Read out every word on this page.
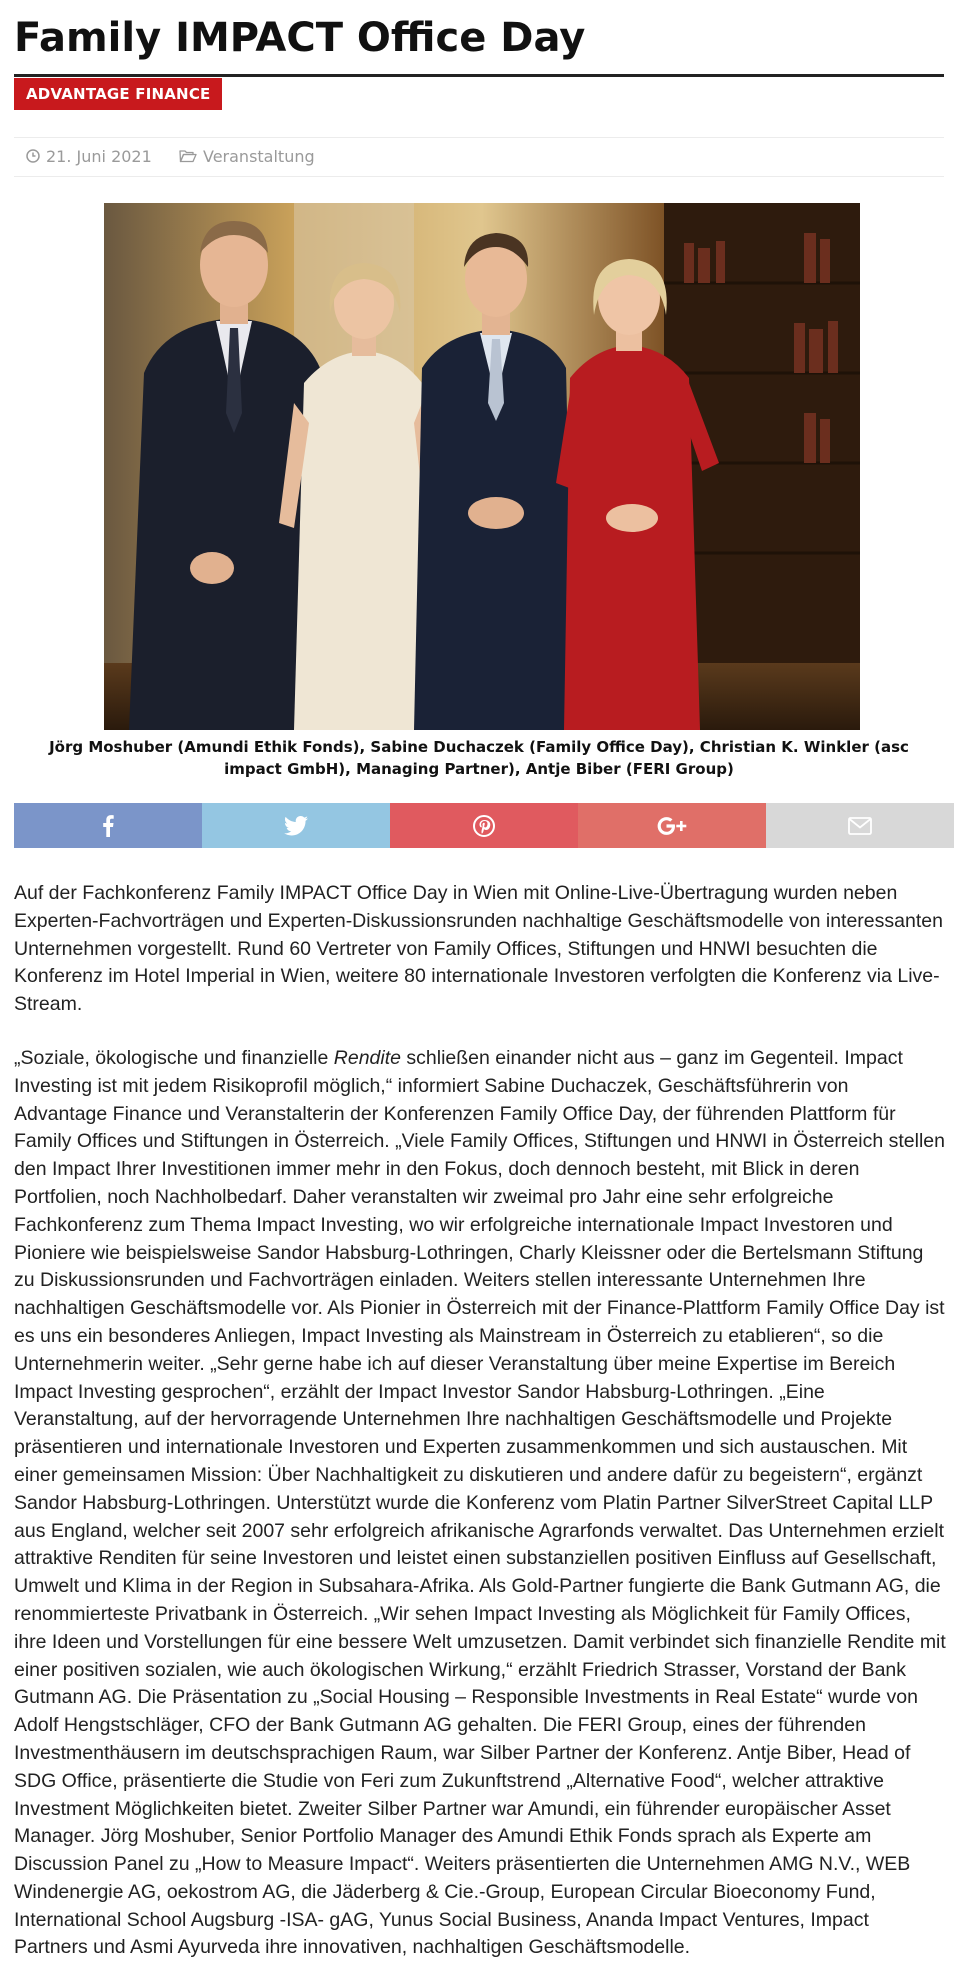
Family IMPACT Office Day
ADVANTAGE FINANCE
21. Juni 2021	Veranstaltung
Jörg Moshuber (Amundi Ethik Fonds), Sabine Duchaczek (Family Office Day), Christian K. Winkler (asc impact GmbH), Managing Partner), Antje Biber (FERI Group)

Auf der Fachkonferenz Family IMPACT Office Day in Wien mit Online-Live-Übertragung wurden neben Experten-Fachvorträgen und Experten-Diskussionsrunden nachhaltige Geschäftsmodelle von interessanten Unternehmen vorgestellt. Rund 60 Vertreter von Family Offices, Stiftungen und HNWI besuchten die Konferenz im Hotel Imperial in Wien, weitere 80 internationale Investoren verfolgten die Konferenz via Live-Stream.

„Soziale, ökologische und finanzielle Rendite schließen einander nicht aus – ganz im Gegenteil. Impact Investing ist mit jedem Risikoprofil möglich,“ informiert Sabine Duchaczek, Geschäftsführerin von Advantage Finance und Veranstalterin der Konferenzen Family Office Day, der führenden Plattform für Family Offices und Stiftungen in Österreich. „Viele Family Offices, Stiftungen und HNWI in Österreich stellen den Impact Ihrer Investitionen immer mehr in den Fokus, doch dennoch besteht, mit Blick in deren Portfolien, noch Nachholbedarf. Daher veranstalten wir zweimal pro Jahr eine sehr erfolgreiche Fachkonferenz zum Thema Impact Investing, wo wir erfolgreiche internationale Impact Investoren und Pioniere wie beispielsweise Sandor Habsburg-Lothringen, Charly Kleissner oder die Bertelsmann Stiftung zu Diskussionsrunden und Fachvorträgen einladen. Weiters stellen interessante Unternehmen Ihre nachhaltigen Geschäftsmodelle vor. Als Pionier in Österreich mit der Finance-Plattform Family Office Day ist es uns ein besonderes Anliegen, Impact Investing als Mainstream in Österreich zu etablieren“, so die Unternehmerin weiter. „Sehr gerne habe ich auf dieser Veranstaltung über meine Expertise im Bereich Impact Investing gesprochen“, erzählt der Impact Investor Sandor Habsburg-Lothringen. „Eine Veranstaltung, auf der hervorragende Unternehmen Ihre nachhaltigen Geschäftsmodelle und Projekte präsentieren und internationale Investoren und Experten zusammenkommen und sich austauschen. Mit einer gemeinsamen Mission: Über Nachhaltigkeit zu diskutieren und andere dafür zu begeistern“, ergänzt Sandor Habsburg-Lothringen. Unterstützt wurde die Konferenz vom Platin Partner SilverStreet Capital LLP aus England, welcher seit 2007 sehr erfolgreich afrikanische Agrarfonds verwaltet. Das Unternehmen erzielt attraktive Renditen für seine Investoren und leistet einen substanziellen positiven Einfluss auf Gesellschaft, Umwelt und Klima in der Region in Subsahara-Afrika. Als Gold-Partner fungierte die Bank Gutmann AG, die renommierteste Privatbank in Österreich. „Wir sehen Impact Investing als Möglichkeit für Family Offices, ihre Ideen und Vorstellungen für eine bessere Welt umzusetzen. Damit verbindet sich finanzielle Rendite mit einer positiven sozialen, wie auch ökologischen Wirkung,“ erzählt Friedrich Strasser, Vorstand der Bank Gutmann AG. Die Präsentation zu „Social Housing – Responsible Investments in Real Estate“ wurde von Adolf Hengstschläger, CFO der Bank Gutmann AG gehalten. Die FERI Group, eines der führenden Investmenthäusern im deutschsprachigen Raum, war Silber Partner der Konferenz. Antje Biber, Head of SDG Office, präsentierte die Studie von Feri zum Zukunftstrend „Alternative Food“, welcher attraktive Investment Möglichkeiten bietet. Zweiter Silber Partner war Amundi, ein führender europäischer Asset Manager. Jörg Moshuber, Senior Portfolio Manager des Amundi Ethik Fonds sprach als Experte am Discussion Panel zu „How to Measure Impact“. Weiters präsentierten die Unternehmen AMG N.V., WEB Windenergie AG, oekostrom AG, die Jäderberg & Cie.-Group, European Circular Bioeconomy Fund, International School Augsburg -ISA- gAG, Yunus Social Business, Ananda Impact Ventures, Impact Partners und Asmi Ayurveda ihre innovativen, nachhaltigen Geschäftsmodelle.
